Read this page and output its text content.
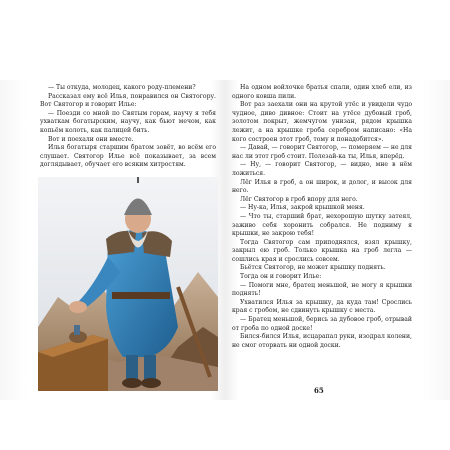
— Ты откуда, молодец, какого роду-племени?

Рассказал ему всё Илья, понравился он Святогору. Вот Святогор и говорит Илье:

— Поезди со мной по Святым горам, научу я тебя ухваткам богатырским, научу, как бьют мечом, как копьём колоть, как палицей бить.

Вот и поехали они вместе.

Илья богатыря старшим братом зовёт, во всём его слушает. Святогор Илье всё показывает, за всем доглядывает, обучает его всяким хитростям.

На одном войлочке братья спали, один хлеб ели, из одного ковша пили.

Вот раз заехали они на крутой утёс и увидели чудо чудное, диво дивное: Стоит на утёсе дубовый гроб, золотом покрыт, жемчугом унизан, рядом крышка лежит, а на крышке гробa серебром написано: «На кого сострoен этот гроб, тому и понадобится».

— Давай, — говорит Святогор, — померяем — не для нас ли этот гроб стоит. Полезай-ка ты, Илья, вперёд.

— Ну, — говорит Святогор, — видно, мне в нём ложиться.

Лёг Илья в гроб, а он широк, и долог, и высок для него.

Лёг Святогор в гроб впору для него.

— Ну-ка, Илья, закрой крышкой меня.

— Что ты, старший брат, нехорошую шутку затеял, заживо себя хоронить собрался. Не подниму я крышки, не закрою тебя!

Тогда Святогор сам приподнялся, взял крышку, закрыл ею гроб. Только крышка на гроб легла — сошлись края и срослись совсем.

Бьётся Святогор, не может крышку поднять.

Тогда он и говорит Илье:

— Помоги мне, братец меньшой, не могу я крышки поднять!

Ухватился Илья за крышку, да куда там! Срослись края с гробом, не сдвинуть крышку с места.

— Братец меньшой, берись за дубовое гроб, отрывай от гроба по одной доске!

Бился-бился Илья, исцарапал руки, изодрал колени, не смог оторвать ни одной доски.

65
